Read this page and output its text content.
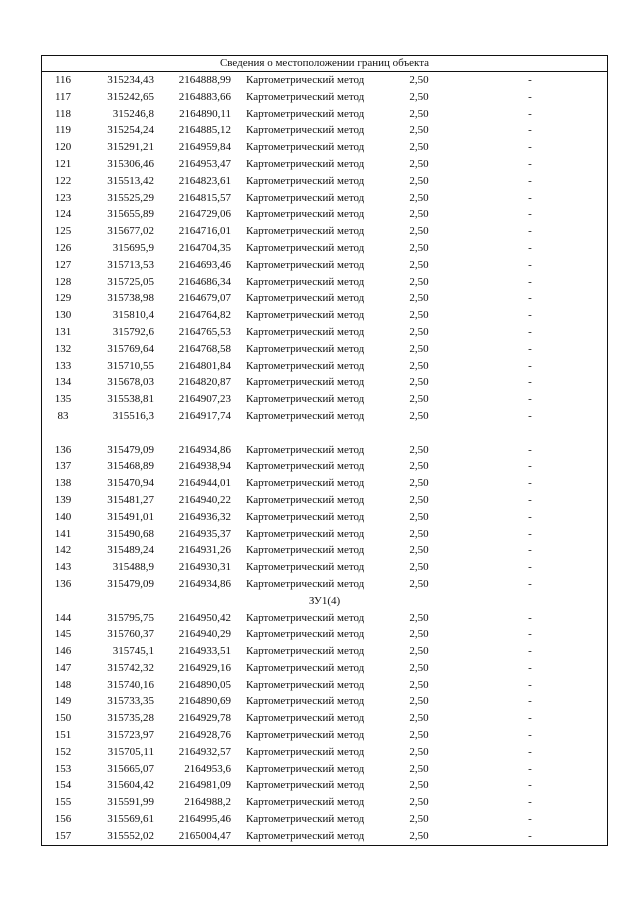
Сведения о местоположении границ объекта
116	315234,43	2164888,99 Картометрический метод	2,50	-
117	315242,65	2164883,66 Картометрический метод	2,50	-
118	315246,8	2164890,11 Картометрический метод	2,50	-
119	315254,24	2164885,12 Картометрический метод	2,50	-
120	315291,21	2164959,84 Картометрический метод	2,50	-
121	315306,46	2164953,47 Картометрический метод	2,50	-
122	315513,42	2164823,61 Картометрический метод	2,50	-
123	315525,29	2164815,57 Картометрический метод	2,50	-
124	315655,89	2164729,06 Картометрический метод	2,50	-
125	315677,02	2164716,01 Картометрический метод	2,50	-
126	315695,9	2164704,35 Картометрический метод	2,50	-
127	315713,53	2164693,46 Картометрический метод	2,50	-
128	315725,05	2164686,34 Картометрический метод	2,50	-
129	315738,98	2164679,07 Картометрический метод	2,50	-
130	315810,4	2164764,82 Картометрический метод	2,50	-
131	315792,6	2164765,53 Картометрический метод	2,50	-
132	315769,64	2164768,58 Картометрический метод	2,50	-
133	315710,55	2164801,84 Картометрический метод	2,50	-
134	315678,03	2164820,87 Картометрический метод	2,50	-
135	315538,81	2164907,23 Картометрический метод	2,50	-
83	315516,3	2164917,74 Картометрический метод	2,50	-
136	315479,09	2164934,86 Картометрический метод	2,50	-
137	315468,89	2164938,94 Картометрический метод	2,50	-
138	315470,94	2164944,01 Картометрический метод	2,50	-
139	315481,27	2164940,22 Картометрический метод	2,50	-
140	315491,01	2164936,32 Картометрический метод	2,50	-
141	315490,68	2164935,37 Картометрический метод	2,50	-
142	315489,24	2164931,26 Картометрический метод	2,50	-
143	315488,9	2164930,31 Картометрический метод	2,50	-
136	315479,09	2164934,86 Картометрический метод	2,50	-
ЗУ1(4)
144	315795,75	2164950,42 Картометрический метод	2,50	-
145	315760,37	2164940,29 Картометрический метод	2,50	-
146	315745,1	2164933,51 Картометрический метод	2,50	-
147	315742,32	2164929,16 Картометрический метод	2,50	-
148	315740,16	2164890,05 Картометрический метод	2,50	-
149	315733,35	2164890,69 Картометрический метод	2,50	-
150	315735,28	2164929,78 Картометрический метод	2,50	-
151	315723,97	2164928,76 Картометрический метод	2,50	-
152	315705,11	2164932,57 Картометрический метод	2,50	-
153	315665,07	2164953,6 Картометрический метод	2,50	-
154	315604,42	2164981,09 Картометрический метод	2,50	-
155	315591,99	2164988,2 Картометрический метод	2,50	-
156	315569,61	2164995,46 Картометрический метод	2,50	-
157	315552,02	2165004,47 Картометрический метод	2,50	-
